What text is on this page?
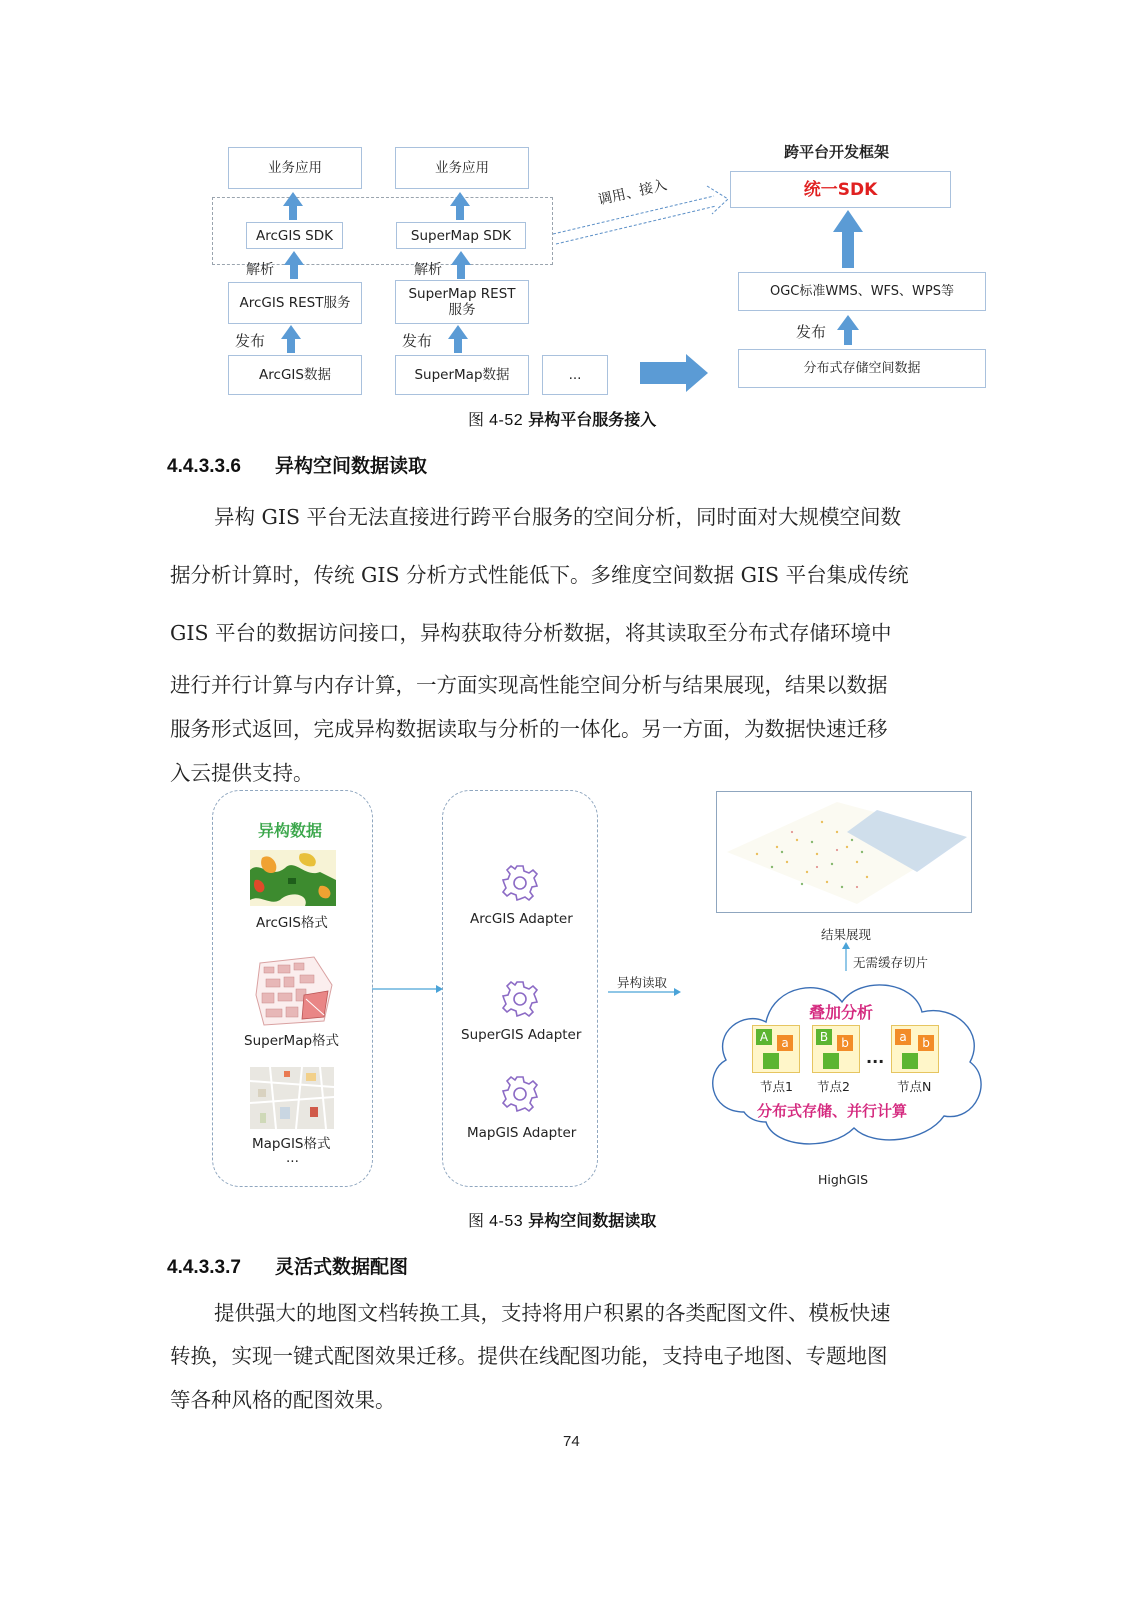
业务应用	业务应用
ArcGIS SDK	SuperMap SDK
ArcGIS REST服务
SuperMap REST
服务
ArcGIS数据	SuperMap数据	...
解析	解析
发布	发布
调用、接入
跨平台开发框架
统一SDK
OGC标准WMS、WFS、WPS等
发布
分布式存储空间数据
图 4-52 异构平台服务接入
4.4.3.3.6 异构空间数据读取
异构 GIS 平台无法直接进行跨平台服务的空间分析，同时面对大规模空间数
据分析计算时，传统 GIS 分析方式性能低下。多维度空间数据 GIS 平台集成传统
GIS 平台的数据访问接口，异构获取待分析数据，将其读取至分布式存储环境中
进行并行计算与内存计算，一方面实现高性能空间分析与结果展现，结果以数据
服务形式返回，完成异构数据读取与分析的一体化。另一方面，为数据快速迁移
入云提供支持。
异构数据
ArcGIS格式
SuperMap格式
MapGIS格式
...
ArcGIS Adapter
SuperGIS Adapter
MapGIS Adapter
异构读取
结果展现
无需缓存切片
叠加分析
A	a	B	b
...
a	b
节点1 节点2	节点N
分布式存储、并行计算
HighGIS
图 4-53 异构空间数据读取
4.4.3.3.7 灵活式数据配图
提供强大的地图文档转换工具，支持将用户积累的各类配图文件、模板快速
转换，实现一键式配图效果迁移。提供在线配图功能，支持电子地图、专题地图
等各种风格的配图效果。
74
